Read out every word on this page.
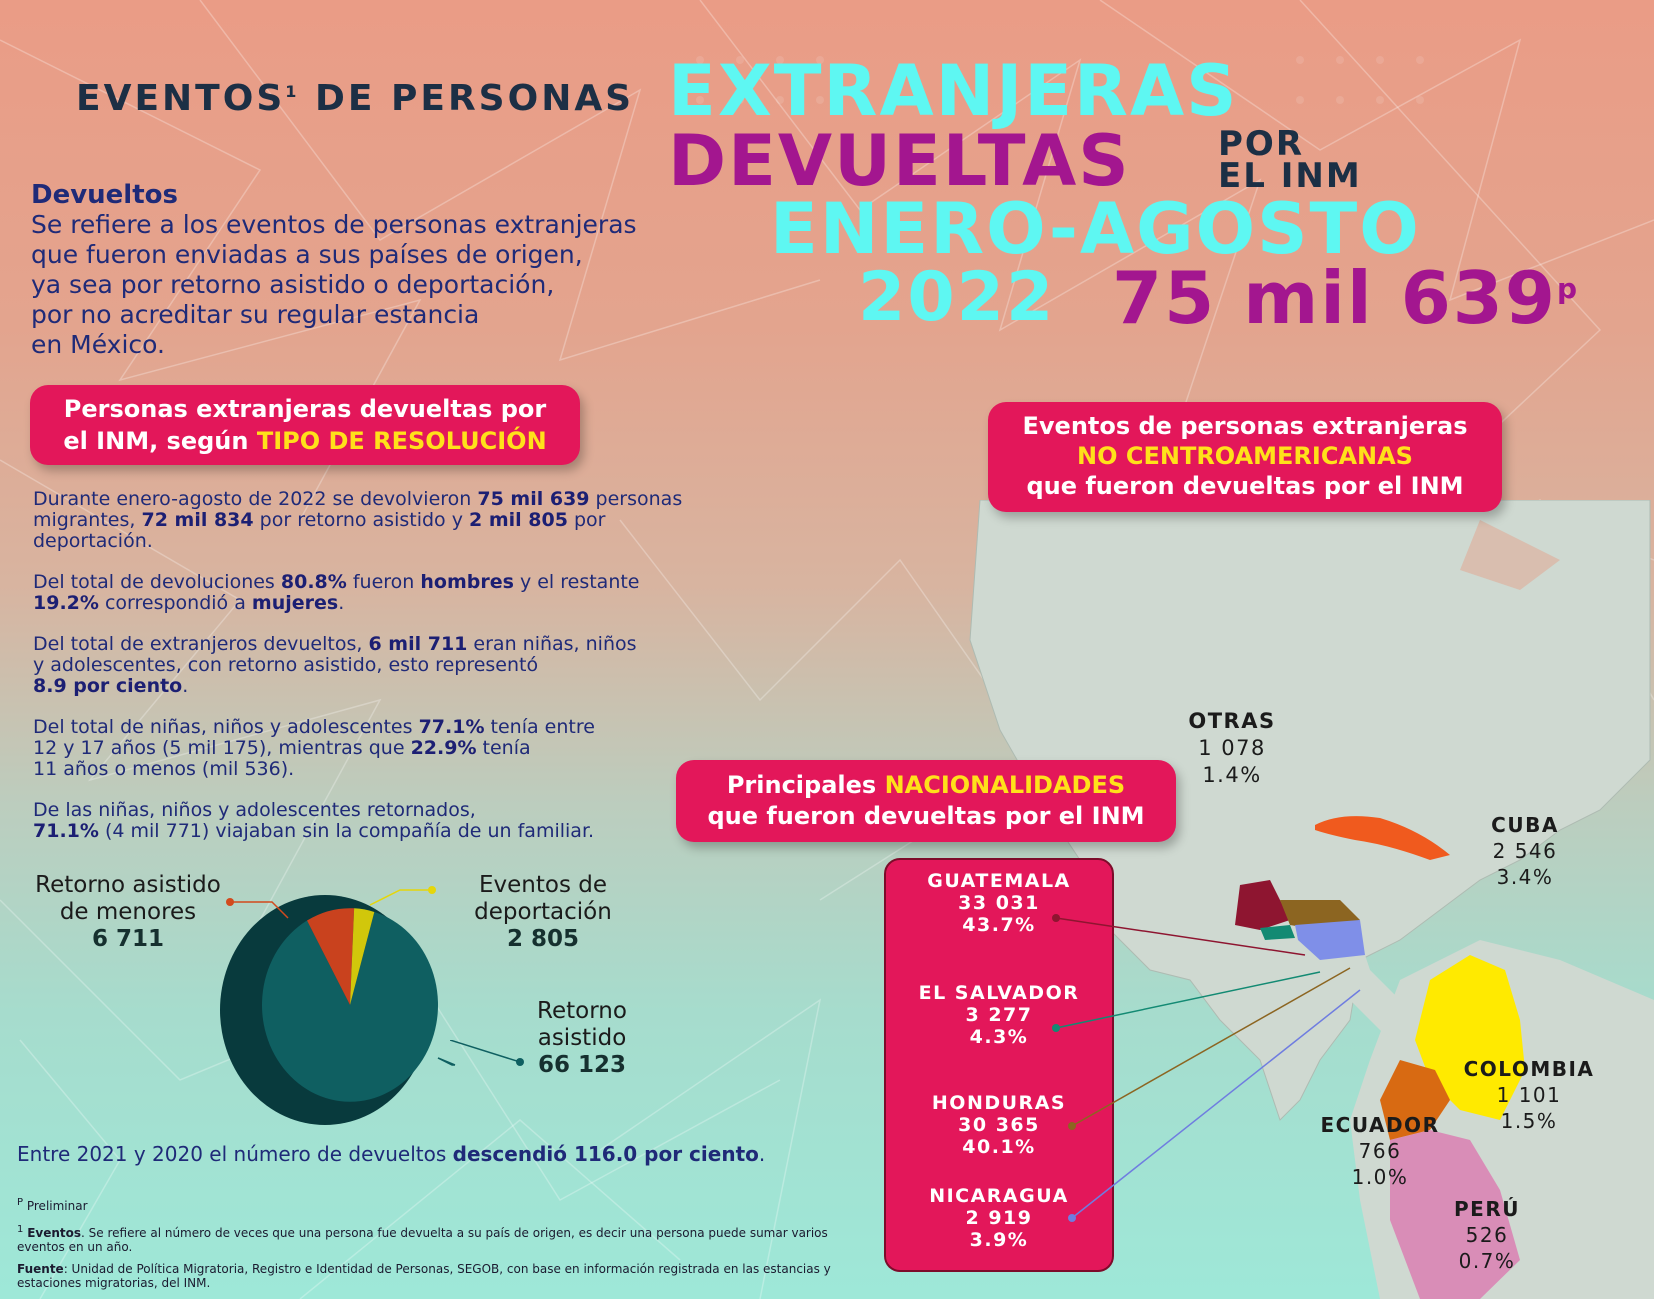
EVENTOS$^1$ DE PERSONAS EXTRANJERAS
DEVUELTAS	POR
EL INM
ENERO-AGOSTO
2022 75 mil 639$^p$
Devueltos
Se refiere a los eventos de personas extranjeras
que fueron enviadas a sus países de origen,
ya sea por retorno asistido o deportación,
por no acreditar su regular estancia
en México.
Personas extranjeras devueltas por
el INM, según TIPO DE RESOLUCIÓN
Durante enero-agosto de 2022 se devolvieron 75 mil 639 personas
migrantes, 72 mil 834 por retorno asistido y 2 mil 805 por
deportación.
Del total de devoluciones 80.8% fueron hombres y el restante
19.2% correspondió a mujeres.
Del total de extranjeros devueltos, 6 mil 711 eran niñas, niños
y adolescentes, con retorno asistido, esto representó
8.9 por ciento.
Del total de niñas, niños y adolescentes 77.1% tenía entre
12 y 17 años (5 mil 175), mientras que 22.9% tenía
11 años o menos (mil 536).
De las niñas, niños y adolescentes retornados,
71.1% (4 mil 771) viajaban sin la compañía de un familiar.
Retorno asistido
de menores
6 711
Eventos de
deportación
2 805
Retorno
asistido
66 123
Entre 2021 y 2020 el número de devueltos descendió 116.0 por ciento.
$^P$ Preliminar
$^1$ Eventos. Se refiere al número de veces que una persona fue devuelta a su país de origen, es decir una persona puede sumar varios
eventos en un año.
Fuente: Unidad de Política Migratoria, Registro e Identidad de Personas, SEGOB, con base en información registrada en las estancias y
estaciones migratorias, del INM.
Eventos de personas extranjeras
NO CENTROAMERICANAS
que fueron devueltas por el INM
Principales NACIONALIDADES
que fueron devueltas por el INM
GUATEMALA
33 031
43.7%
EL SALVADOR
3 277
4.3%
HONDURAS
30 365
40.1%
NICARAGUA
2 919
3.9%
OTRAS
1 078
1.4%
CUBA
2 546
3.4%
COLOMBIA
1 101
1.5%
ECUADOR
766
1.0%
PERÚ
526
0.7%
